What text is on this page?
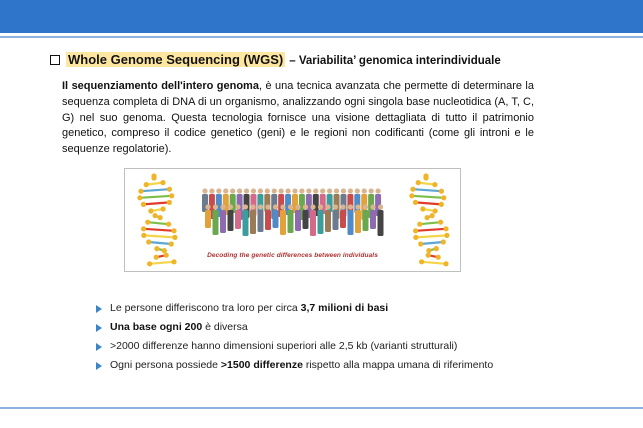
Whole Genome Sequencing (WGS) – Variabilita’ genomica interindividuale

Il sequenziamento dell'intero genoma, è una tecnica avanzata che permette di determinare la sequenza completa di DNA di un organismo, analizzando ogni singola base nucleotidica (A, T, C, G) nel suo genoma. Questa tecnologia fornisce una visione dettagliata di tutto il patrimonio genetico, compreso il codice genetico (geni) e le regioni non codificanti (come gli introni e le sequenze regolatorie).

Decoding the genetic differences between individuals
Le persone differiscono tra loro per circa 3,7 milioni di basi
Una base ogni 200 è diversa
>2000 differenze hanno dimensioni superiori alle 2,5 kb (varianti strutturali)
Ogni persona possiede >1500 differenze rispetto alla mappa umana di riferimento
